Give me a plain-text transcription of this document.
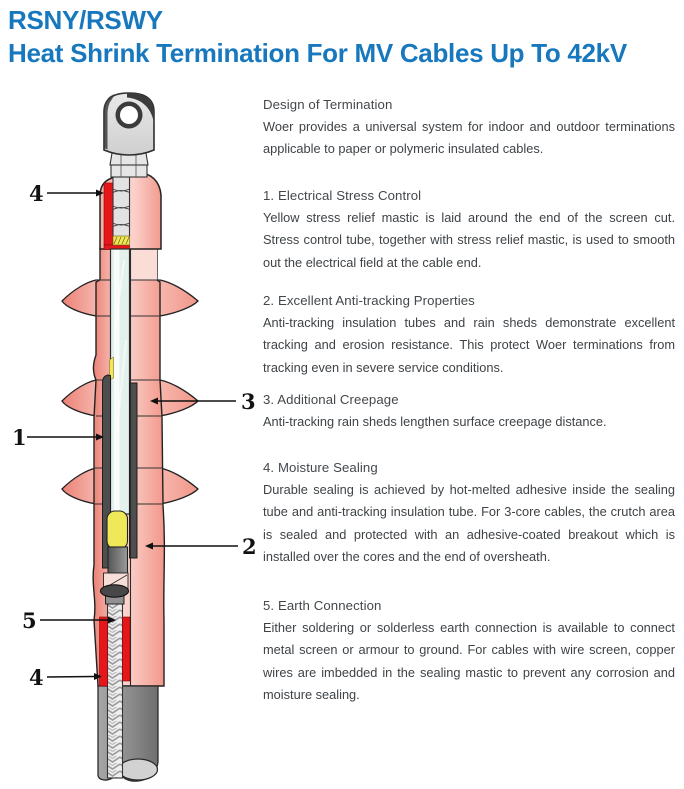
RSNY/RSWY
Heat Shrink Termination For MV Cables Up To 42kV
4
3
1
2
5
4
Design of Termination

Woer provides a universal system for indoor and outdoor terminations applicable to paper or polymeric insulated cables.

1. Electrical Stress Control

Yellow stress relief mastic is laid around the end of the screen cut. Stress control tube, together with stress relief mastic, is used to smooth out the electrical field at the cable end.

2. Excellent Anti-tracking Properties

Anti-tracking insulation tubes and rain sheds demonstrate excellent tracking and erosion resistance. This protect Woer terminations from tracking even in severe service conditions.

3. Additional Creepage

Anti-tracking rain sheds lengthen surface creepage distance.

4. Moisture Sealing

Durable sealing is achieved by hot-melted adhesive inside the sealing tube and anti-tracking insulation tube. For 3-core cables, the crutch area is sealed and protected with an adhesive-coated breakout which is installed over the cores and the end of oversheath.

5. Earth Connection

Either soldering or solderless earth connection is available to connect metal screen or armour to ground. For cables with wire screen, copper wires are imbedded in the sealing mastic to prevent any corrosion and moisture sealing.
